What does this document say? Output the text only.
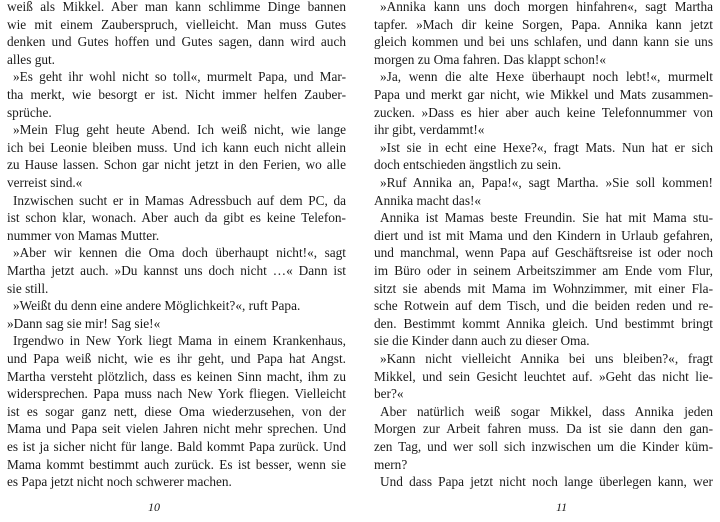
weiß als Mikkel. Aber man kann schlimme Dinge bannen
wie mit einem Zauberspruch, vielleicht. Man muss Gutes
denken und Gutes hoffen und Gutes sagen, dann wird auch
alles gut.
»Es geht ihr wohl nicht so toll«, murmelt Papa, und Mar-
tha merkt, wie besorgt er ist. Nicht immer helfen Zauber-
sprüche.
»Mein Flug geht heute Abend. Ich weiß nicht, wie lange
ich bei Leonie bleiben muss. Und ich kann euch nicht allein
zu Hause lassen. Schon gar nicht jetzt in den Ferien, wo alle
verreist sind.«
Inzwischen sucht er in Mamas Adressbuch auf dem PC, da
ist schon klar, wonach. Aber auch da gibt es keine Telefon-
nummer von Mamas Mutter.
»Aber wir kennen die Oma doch überhaupt nicht!«, sagt
Martha jetzt auch. »Du kannst uns doch nicht …« Dann ist
sie still.
»Weißt du denn eine andere Möglichkeit?«, ruft Papa.
»Dann sag sie mir! Sag sie!«
Irgendwo in New York liegt Mama in einem Krankenhaus,
und Papa weiß nicht, wie es ihr geht, und Papa hat Angst.
Martha versteht plötzlich, dass es keinen Sinn macht, ihm zu
widersprechen. Papa muss nach New York fliegen. Vielleicht
ist es sogar ganz nett, diese Oma wiederzusehen, von der
Mama und Papa seit vielen Jahren nicht mehr sprechen. Und
es ist ja sicher nicht für lange. Bald kommt Papa zurück. Und
Mama kommt bestimmt auch zurück. Es ist besser, wenn sie
es Papa jetzt nicht noch schwerer machen.
»Annika kann uns doch morgen hinfahren«, sagt Martha
tapfer. »Mach dir keine Sorgen, Papa. Annika kann jetzt
gleich kommen und bei uns schlafen, und dann kann sie uns
morgen zu Oma fahren. Das klappt schon!«
»Ja, wenn die alte Hexe überhaupt noch lebt!«, murmelt
Papa und merkt gar nicht, wie Mikkel und Mats zusammen-
zucken. »Dass es hier aber auch keine Telefonnummer von
ihr gibt, verdammt!«
»Ist sie in echt eine Hexe?«, fragt Mats. Nun hat er sich
doch entschieden ängstlich zu sein.
»Ruf Annika an, Papa!«, sagt Martha. »Sie soll kommen!
Annika macht das!«
Annika ist Mamas beste Freundin. Sie hat mit Mama stu-
diert und ist mit Mama und den Kindern in Urlaub gefahren,
und manchmal, wenn Papa auf Geschäftsreise ist oder noch
im Büro oder in seinem Arbeitszimmer am Ende vom Flur,
sitzt sie abends mit Mama im Wohnzimmer, mit einer Fla-
sche Rotwein auf dem Tisch, und die beiden reden und re-
den. Bestimmt kommt Annika gleich. Und bestimmt bringt
sie die Kinder dann auch zu dieser Oma.
»Kann nicht vielleicht Annika bei uns bleiben?«, fragt
Mikkel, und sein Gesicht leuchtet auf. »Geht das nicht lie-
ber?«
Aber natürlich weiß sogar Mikkel, dass Annika jeden
Morgen zur Arbeit fahren muss. Da ist sie dann den gan-
zen Tag, und wer soll sich inzwischen um die Kinder küm-
mern?
Und dass Papa jetzt nicht noch lange überlegen kann, wer
10	11
